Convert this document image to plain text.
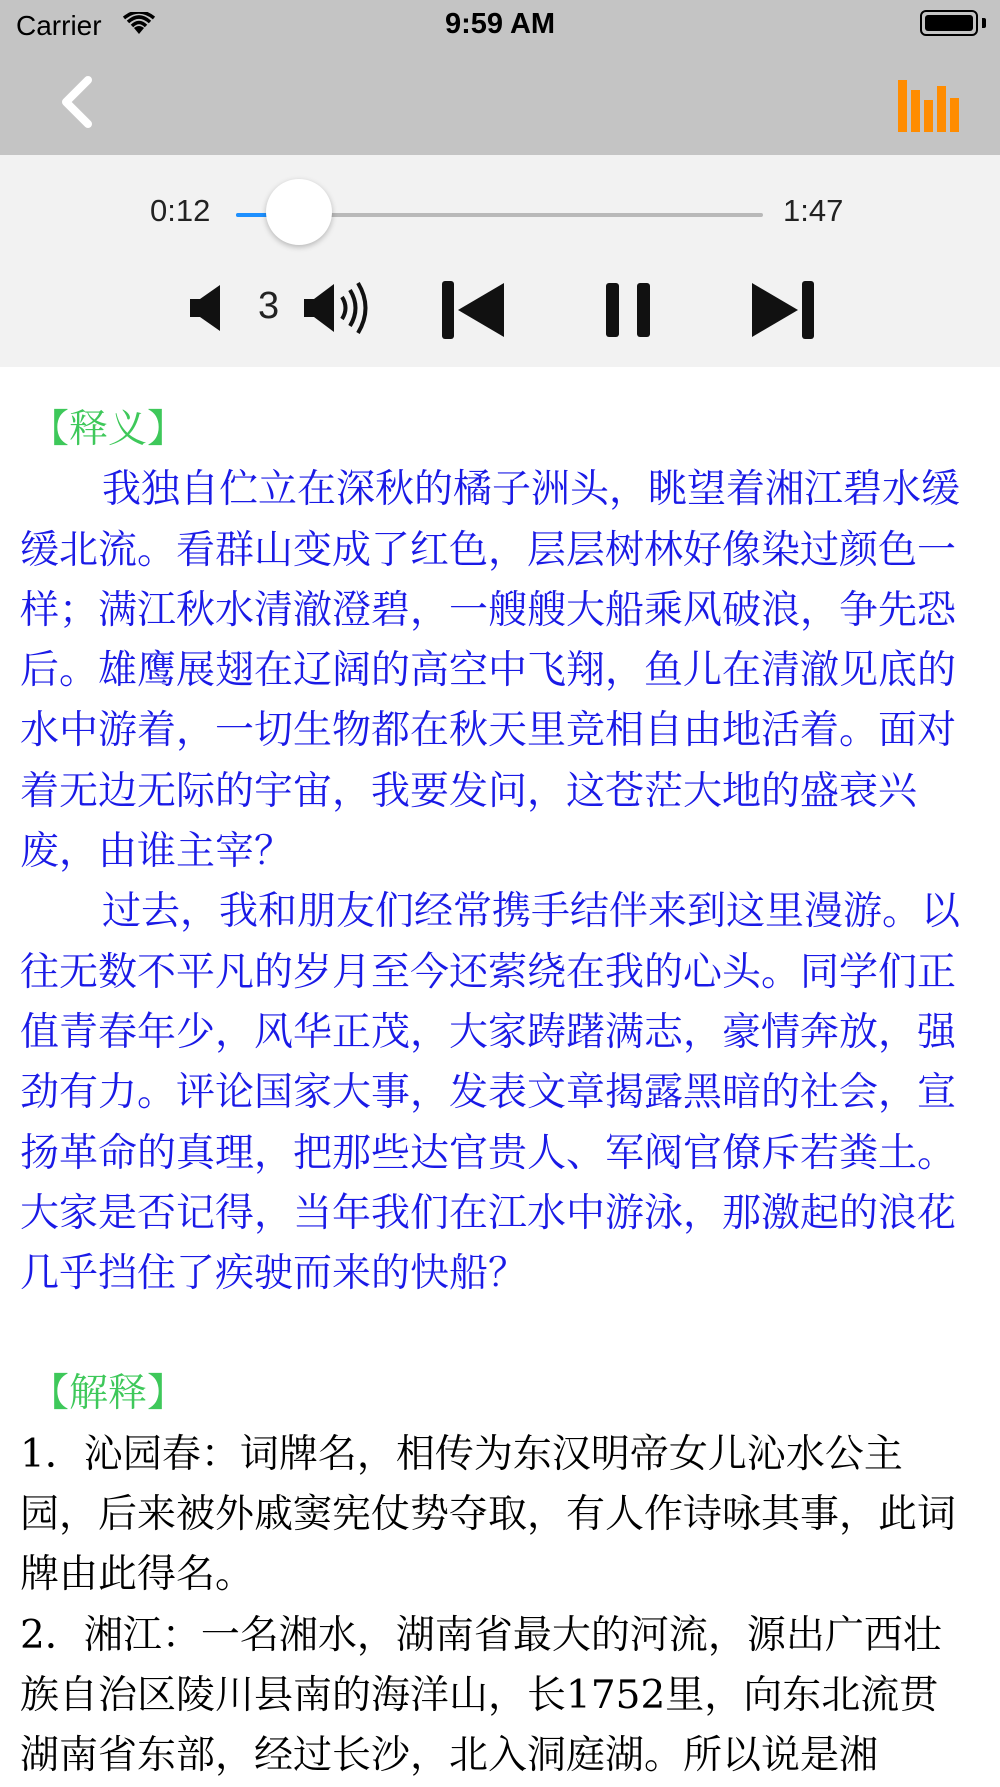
Carrier	9:59 AM
0:12	1:47
3
【释义】

我独自伫立在深秋的橘子洲头，眺望着湘江碧水缓缓北流。看群山变成了红色，层层树林好像染过颜色一样；满江秋水清澈澄碧，一艘艘大船乘风破浪，争先恐后。雄鹰展翅在辽阔的高空中飞翔，鱼儿在清澈见底的水中游着，一切生物都在秋天里竞相自由地活着。面对着无边无际的宇宙，我要发问，这苍茫大地的盛衰兴废，由谁主宰？

过去，我和朋友们经常携手结伴来到这里漫游。以往无数不平凡的岁月至今还萦绕在我的心头。同学们正值青春年少，风华正茂，大家踌躇满志，豪情奔放，强劲有力。评论国家大事，发表文章揭露黑暗的社会，宣扬革命的真理，把那些达官贵人、军阀官僚斥若粪土。大家是否记得，当年我们在江水中游泳，那激起的浪花几乎挡住了疾驶而来的快船？

【解释】

1．沁园春：词牌名，相传为东汉明帝女儿沁水公主园，后来被外戚窦宪仗势夺取，有人作诗咏其事，此词牌由此得名。

2．湘江：一名湘水，湖南省最大的河流，源出广西壮族自治区陵川县南的海洋山，长1752里，向东北流贯湖南省东部，经过长沙，北入洞庭湖。所以说是湘
